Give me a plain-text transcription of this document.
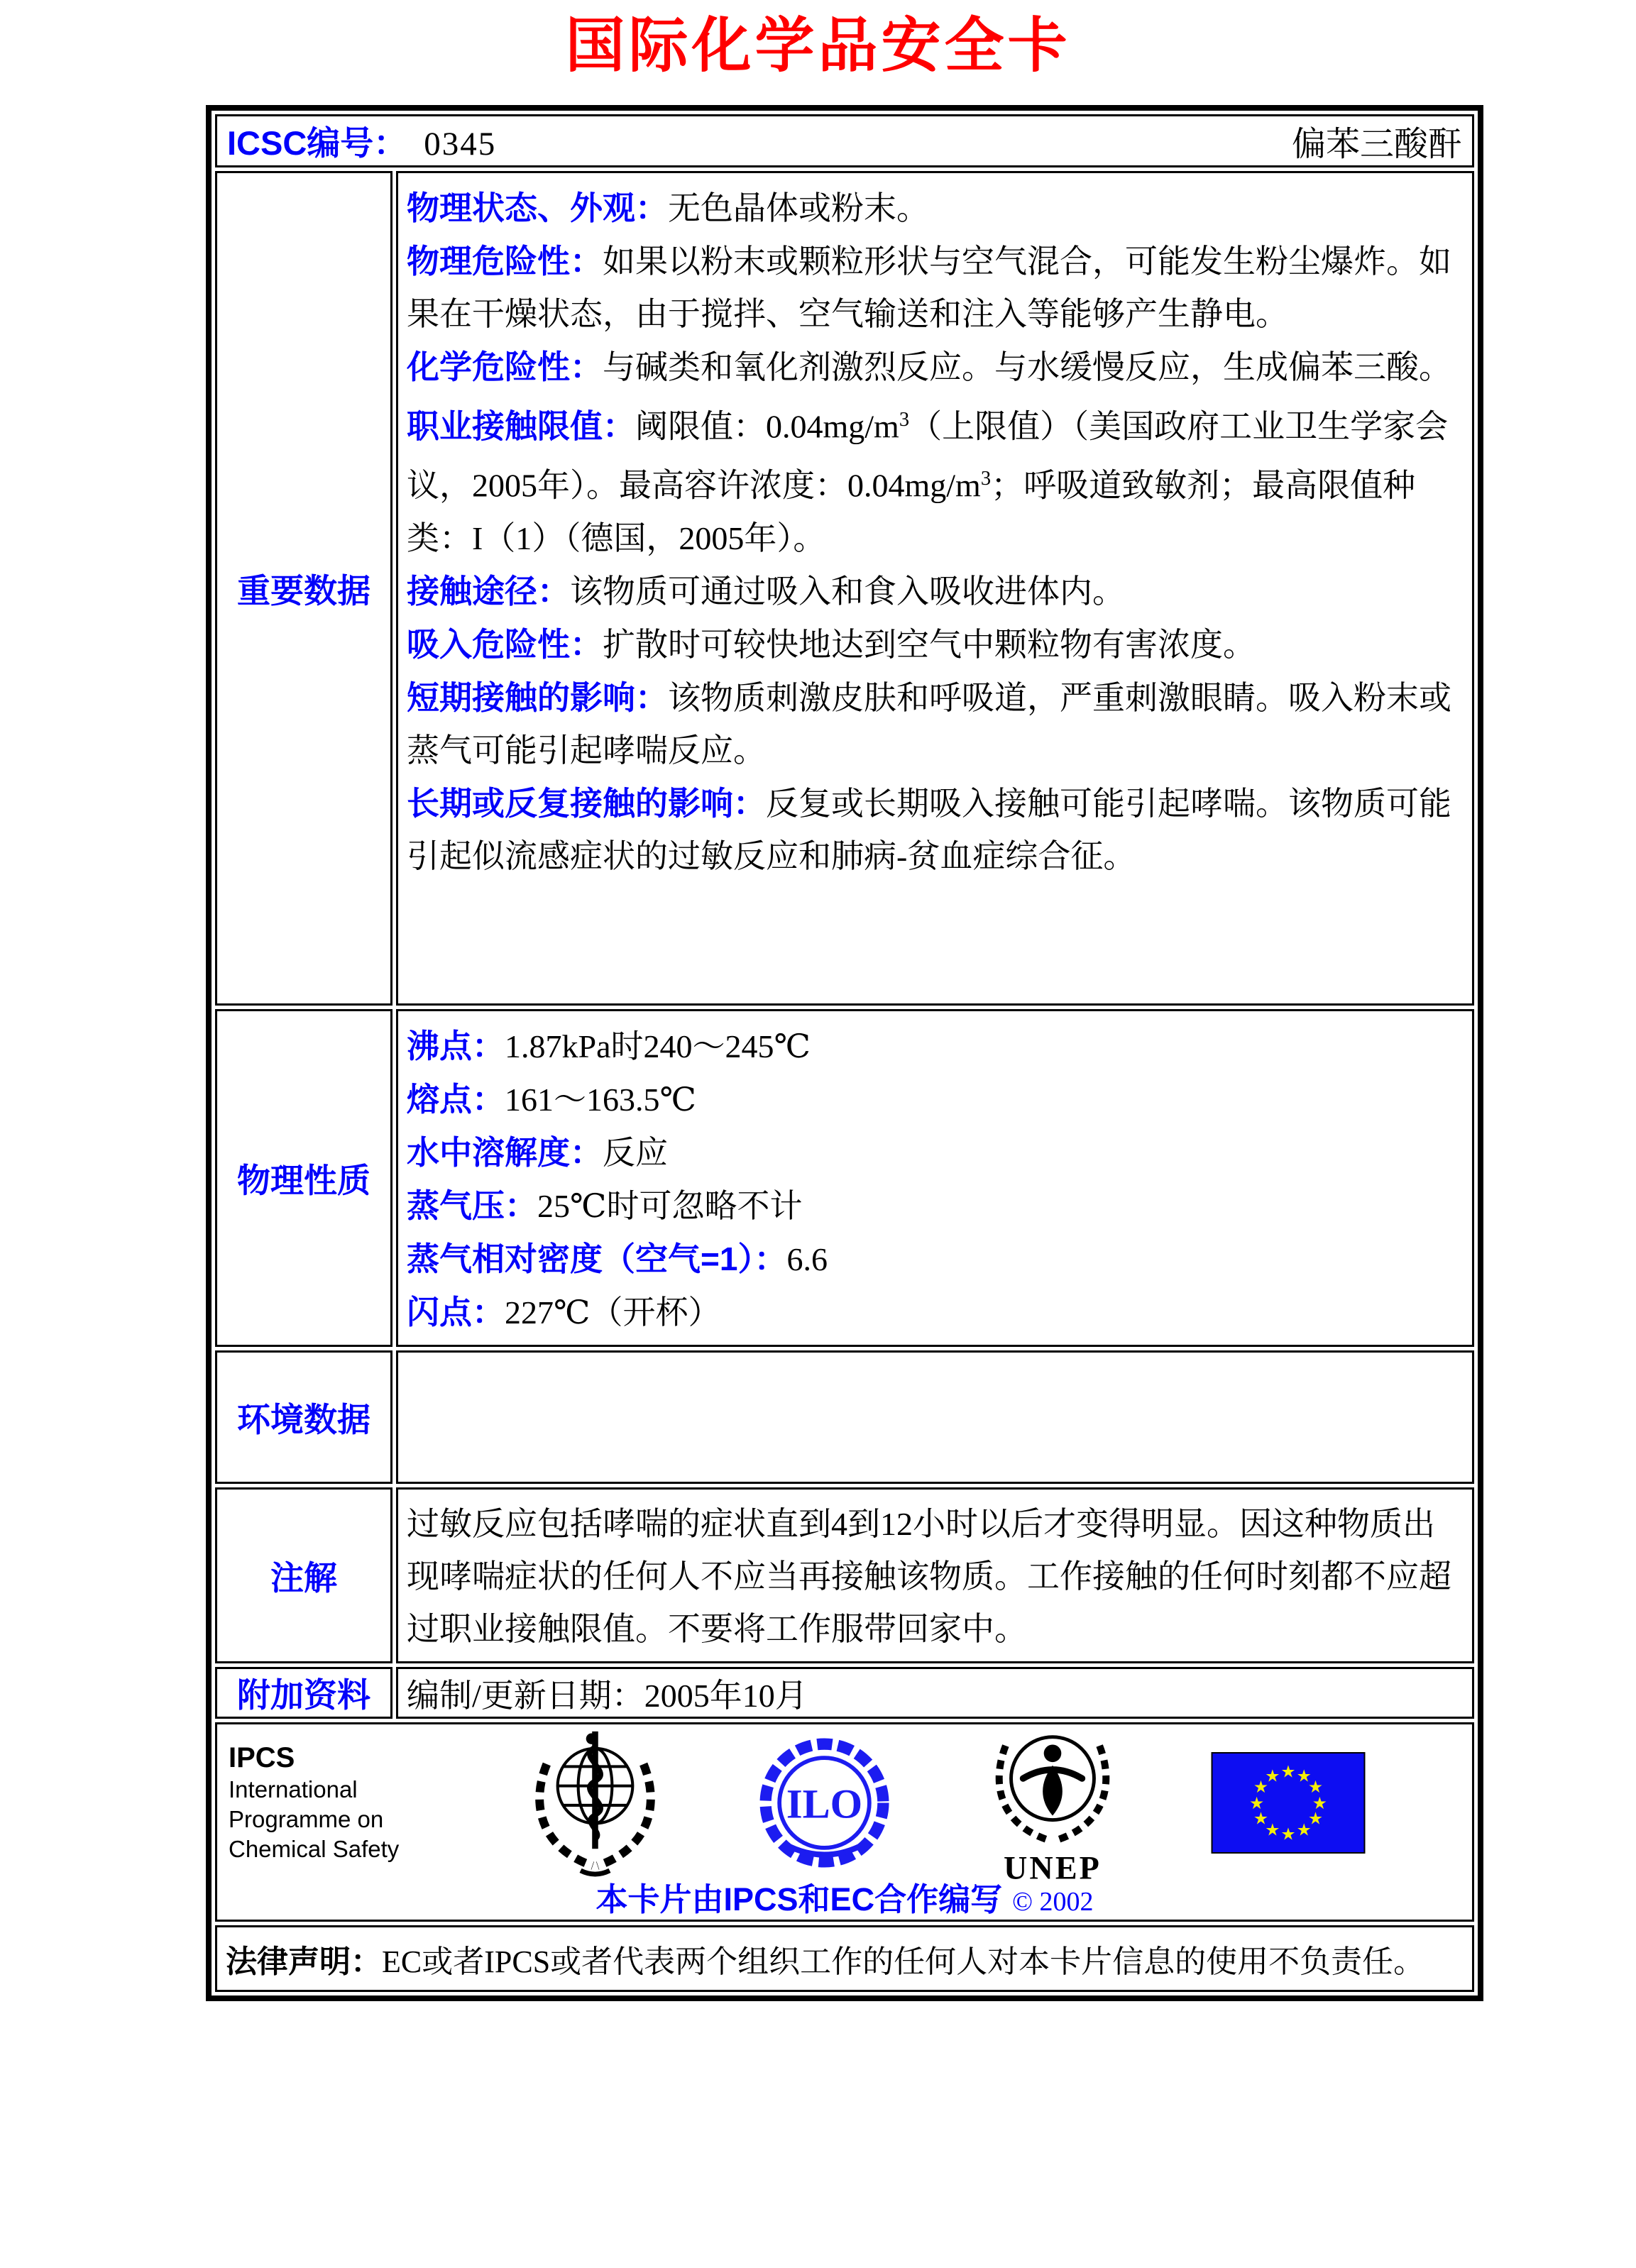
国际化学品安全卡
ICSC编号： 0345 偏苯三酸酐	

重要数据	
物理状态、外观：无色晶体或粉末。
物理危险性：如果以粉末或颗粒形状与空气混合，可能发生粉尘爆炸。如果在干燥状态，由于搅拌、空气输送和注入等能够产生静电。
化学危险性：与碱类和氧化剂激烈反应。与水缓慢反应，生成偏苯三酸。
职业接触限值：阈限值：$0.04mg/m^3$（上限值）（美国政府工业卫生学家会议，2005年）。最高容许浓度：$0.04mg/m^3$；呼吸道致敏剂；最高限值种类：I（1）（德国，2005年）。
接触途径：该物质可通过吸入和食入吸收进体内。
吸入危险性：扩散时可较快地达到空气中颗粒物有害浓度。
短期接触的影响：该物质刺激皮肤和呼吸道，严重刺激眼睛。吸入粉末或蒸气可能引起哮喘反应。
长期或反复接触的影响：反复或长期吸入接触可能引起哮喘。该物质可能引起似流感症状的过敏反应和肺病-贫血症综合征。

物理性质	
沸点：1.87kPa时240～245℃
熔点：161～163.5℃
水中溶解度：反应
蒸气压：25℃时可忽略不计
蒸气相对密度（空气=1）：6.6
闪点：227℃（开杯）

环境数据	
注解	过敏反应包括哮喘的症状直到4到12小时以后才变得明显。因这种物质出现哮喘症状的任何人不应当再接触该物质。工作接触的任何时刻都不应超过职业接触限值。不要将工作服带回家中。

附加资料	编制/更新日期：2005年10月

IPCS
International
Programme on
Chemical Safety
ILO
UNEP
★ ★
★
★
★
★
★
★
★
★
★
★
本卡片由IPCS和EC合作编写 © 2002

法律声明：EC或者IPCS或者代表两个组织工作的任何人对本卡片信息的使用不负责任。	
